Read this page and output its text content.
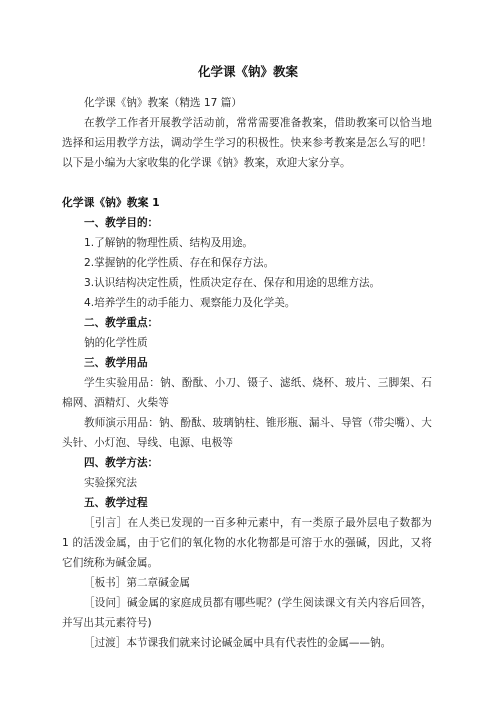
化学课《钠》教案
化学课《钠》教案（精选 17 篇）
在教学工作者开展教学活动前，常常需要准备教案，借助教案可以恰当地选择和运用教学方法，调动学生学习的积极性。快来参考教案是怎么写的吧！以下是小编为大家收集的化学课《钠》教案，欢迎大家分享。
化学课《钠》教案 1
一、教学目的：
1.了解钠的物理性质、结构及用途。
2.掌握钠的化学性质、存在和保存方法。
3.认识结构决定性质，性质决定存在、保存和用途的思维方法。
4.培养学生的动手能力、观察能力及化学美。
二、教学重点：
钠的化学性质
三、教学用品
学生实验用品：钠、酚酞、小刀、镊子、滤纸、烧杯、玻片、三脚架、石棉网、酒精灯、火柴等
教师演示用品：钠、酚酞、玻璃钠柱、锥形瓶、漏斗、导管（带尖嘴）、大头针、小灯泡、导线、电源、电极等
四、教学方法：
实验探究法
五、教学过程
［引言］在人类已发现的一百多种元素中，有一类原子最外层电子数都为 1 的活泼金属，由于它们的氧化物的水化物都是可溶于水的强碱，因此，又将它们统称为碱金属。
［板书］第二章碱金属
［设问］碱金属的家庭成员都有哪些呢？(学生阅读课文有关内容后回答，并写出其元素符号)
［过渡］本节课我们就来讨论碱金属中具有代表性的金属——钠。
